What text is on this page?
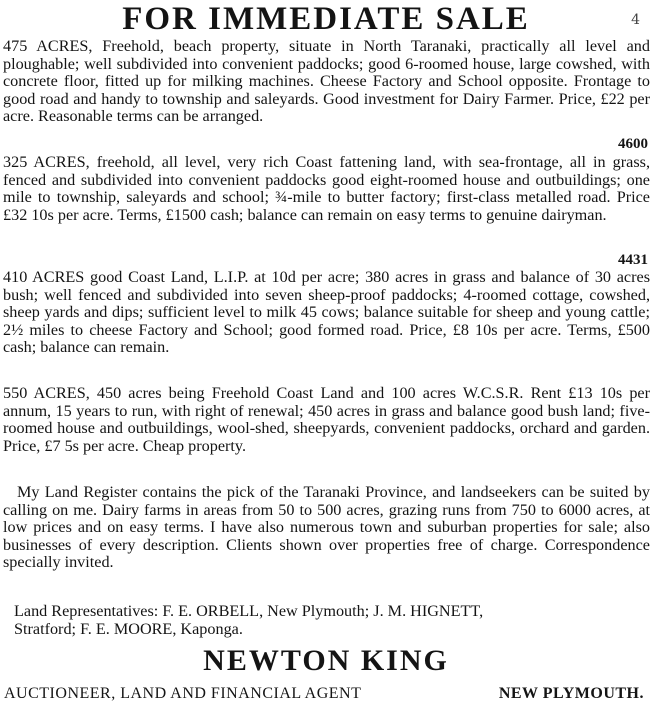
FOR IMMEDIATE SALE	4
475 ACRES, Freehold, beach property, situate in North Taranaki, practically all level and ploughable; well subdivided into convenient paddocks; good 6-roomed house, large cowshed, with concrete floor, fitted up for milking machines. Cheese Factory and School opposite. Frontage to good road and handy to township and saleyards. Good investment for Dairy Farmer. Price, £22 per acre. Reasonable terms can be arranged.
4600
325 ACRES, freehold, all level, very rich Coast fattening land, with sea-frontage, all in grass, fenced and subdivided into convenient paddocks good eight-roomed house and outbuildings; one mile to township, saleyards and school; ¾-mile to butter factory; first-class metalled road. Price £32 10s per acre. Terms, £1500 cash; balance can remain on easy terms to genuine dairyman.
4431
410 ACRES good Coast Land, L.I.P. at 10d per acre; 380 acres in grass and balance of 30 acres bush; well fenced and subdivided into seven sheep-proof paddocks; 4-roomed cottage, cowshed, sheep yards and dips; sufficient level to milk 45 cows; balance suitable for sheep and young cattle; 2½ miles to cheese Factory and School; good formed road. Price, £8 10s per acre. Terms, £500 cash; balance can remain.
550 ACRES, 450 acres being Freehold Coast Land and 100 acres W.C.S.R. Rent £13 10s per annum, 15 years to run, with right of renewal; 450 acres in grass and balance good bush land; five-roomed house and outbuildings, wool-shed, sheepyards, convenient paddocks, orchard and garden. Price, £7 5s per acre. Cheap property.
My Land Register contains the pick of the Taranaki Province, and landseekers can be suited by calling on me. Dairy farms in areas from 50 to 500 acres, grazing runs from 750 to 6000 acres, at low prices and on easy terms. I have also numerous town and suburban properties for sale; also businesses of every description. Clients shown over properties free of charge. Correspondence specially invited.
Land Representatives: F. E. ORBELL, New Plymouth; J. M. HIGNETT, Stratford; F. E. MOORE, Kaponga.
NEWTON KING
AUCTIONEER, LAND AND FINANCIAL AGENT	NEW PLYMOUTH.
